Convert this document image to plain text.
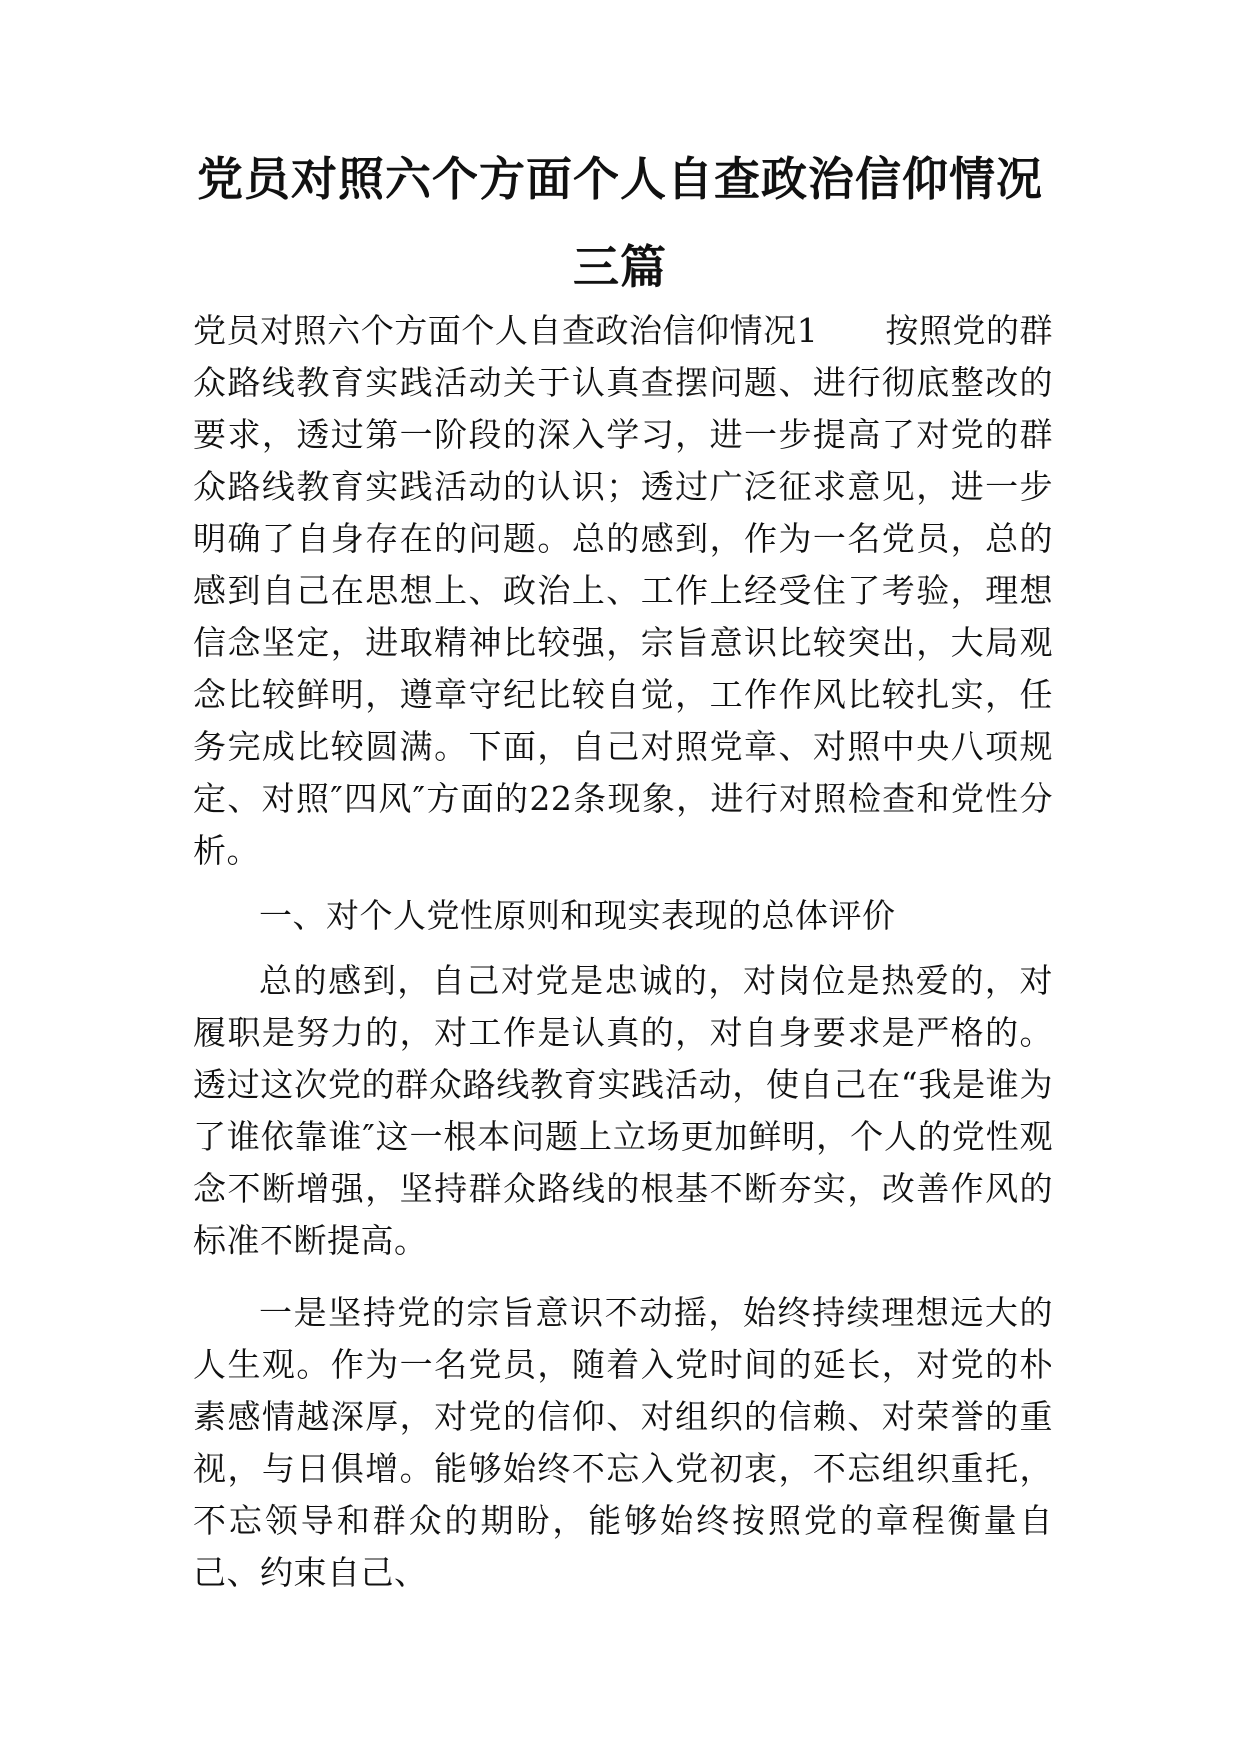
党员对照六个方面个人自查政治信仰情况
三篇

党员对照六个方面个人自查政治信仰情况1　　按照党的群众路线教育实践活动关于认真查摆问题、进行彻底整改的要求，透过第一阶段的深入学习，进一步提高了对党的群众路线教育实践活动的认识；透过广泛征求意见，进一步明确了自身存在的问题。总的感到，作为一名党员，总的感到自己在思想上、政治上、工作上经受住了考验，理想信念坚定，进取精神比较强，宗旨意识比较突出，大局观念比较鲜明，遵章守纪比较自觉，工作作风比较扎实，任务完成比较圆满。下面，自己对照党章、对照中央八项规定、对照″四风″方面的22条现象，进行对照检查和党性分析。

一、对个人党性原则和现实表现的总体评价

总的感到，自己对党是忠诚的，对岗位是热爱的，对履职是努力的，对工作是认真的，对自身要求是严格的。透过这次党的群众路线教育实践活动，使自己在“我是谁为了谁依靠谁″这一根本问题上立场更加鲜明，个人的党性观念不断增强，坚持群众路线的根基不断夯实，改善作风的标准不断提高。

一是坚持党的宗旨意识不动摇，始终持续理想远大的人生观。作为一名党员，随着入党时间的延长，对党的朴素感情越深厚，对党的信仰、对组织的信赖、对荣誉的重视，与日俱增。能够始终不忘入党初衷，不忘组织重托，不忘领导和群众的期盼，能够始终按照党的章程衡量自己、约束自己、
